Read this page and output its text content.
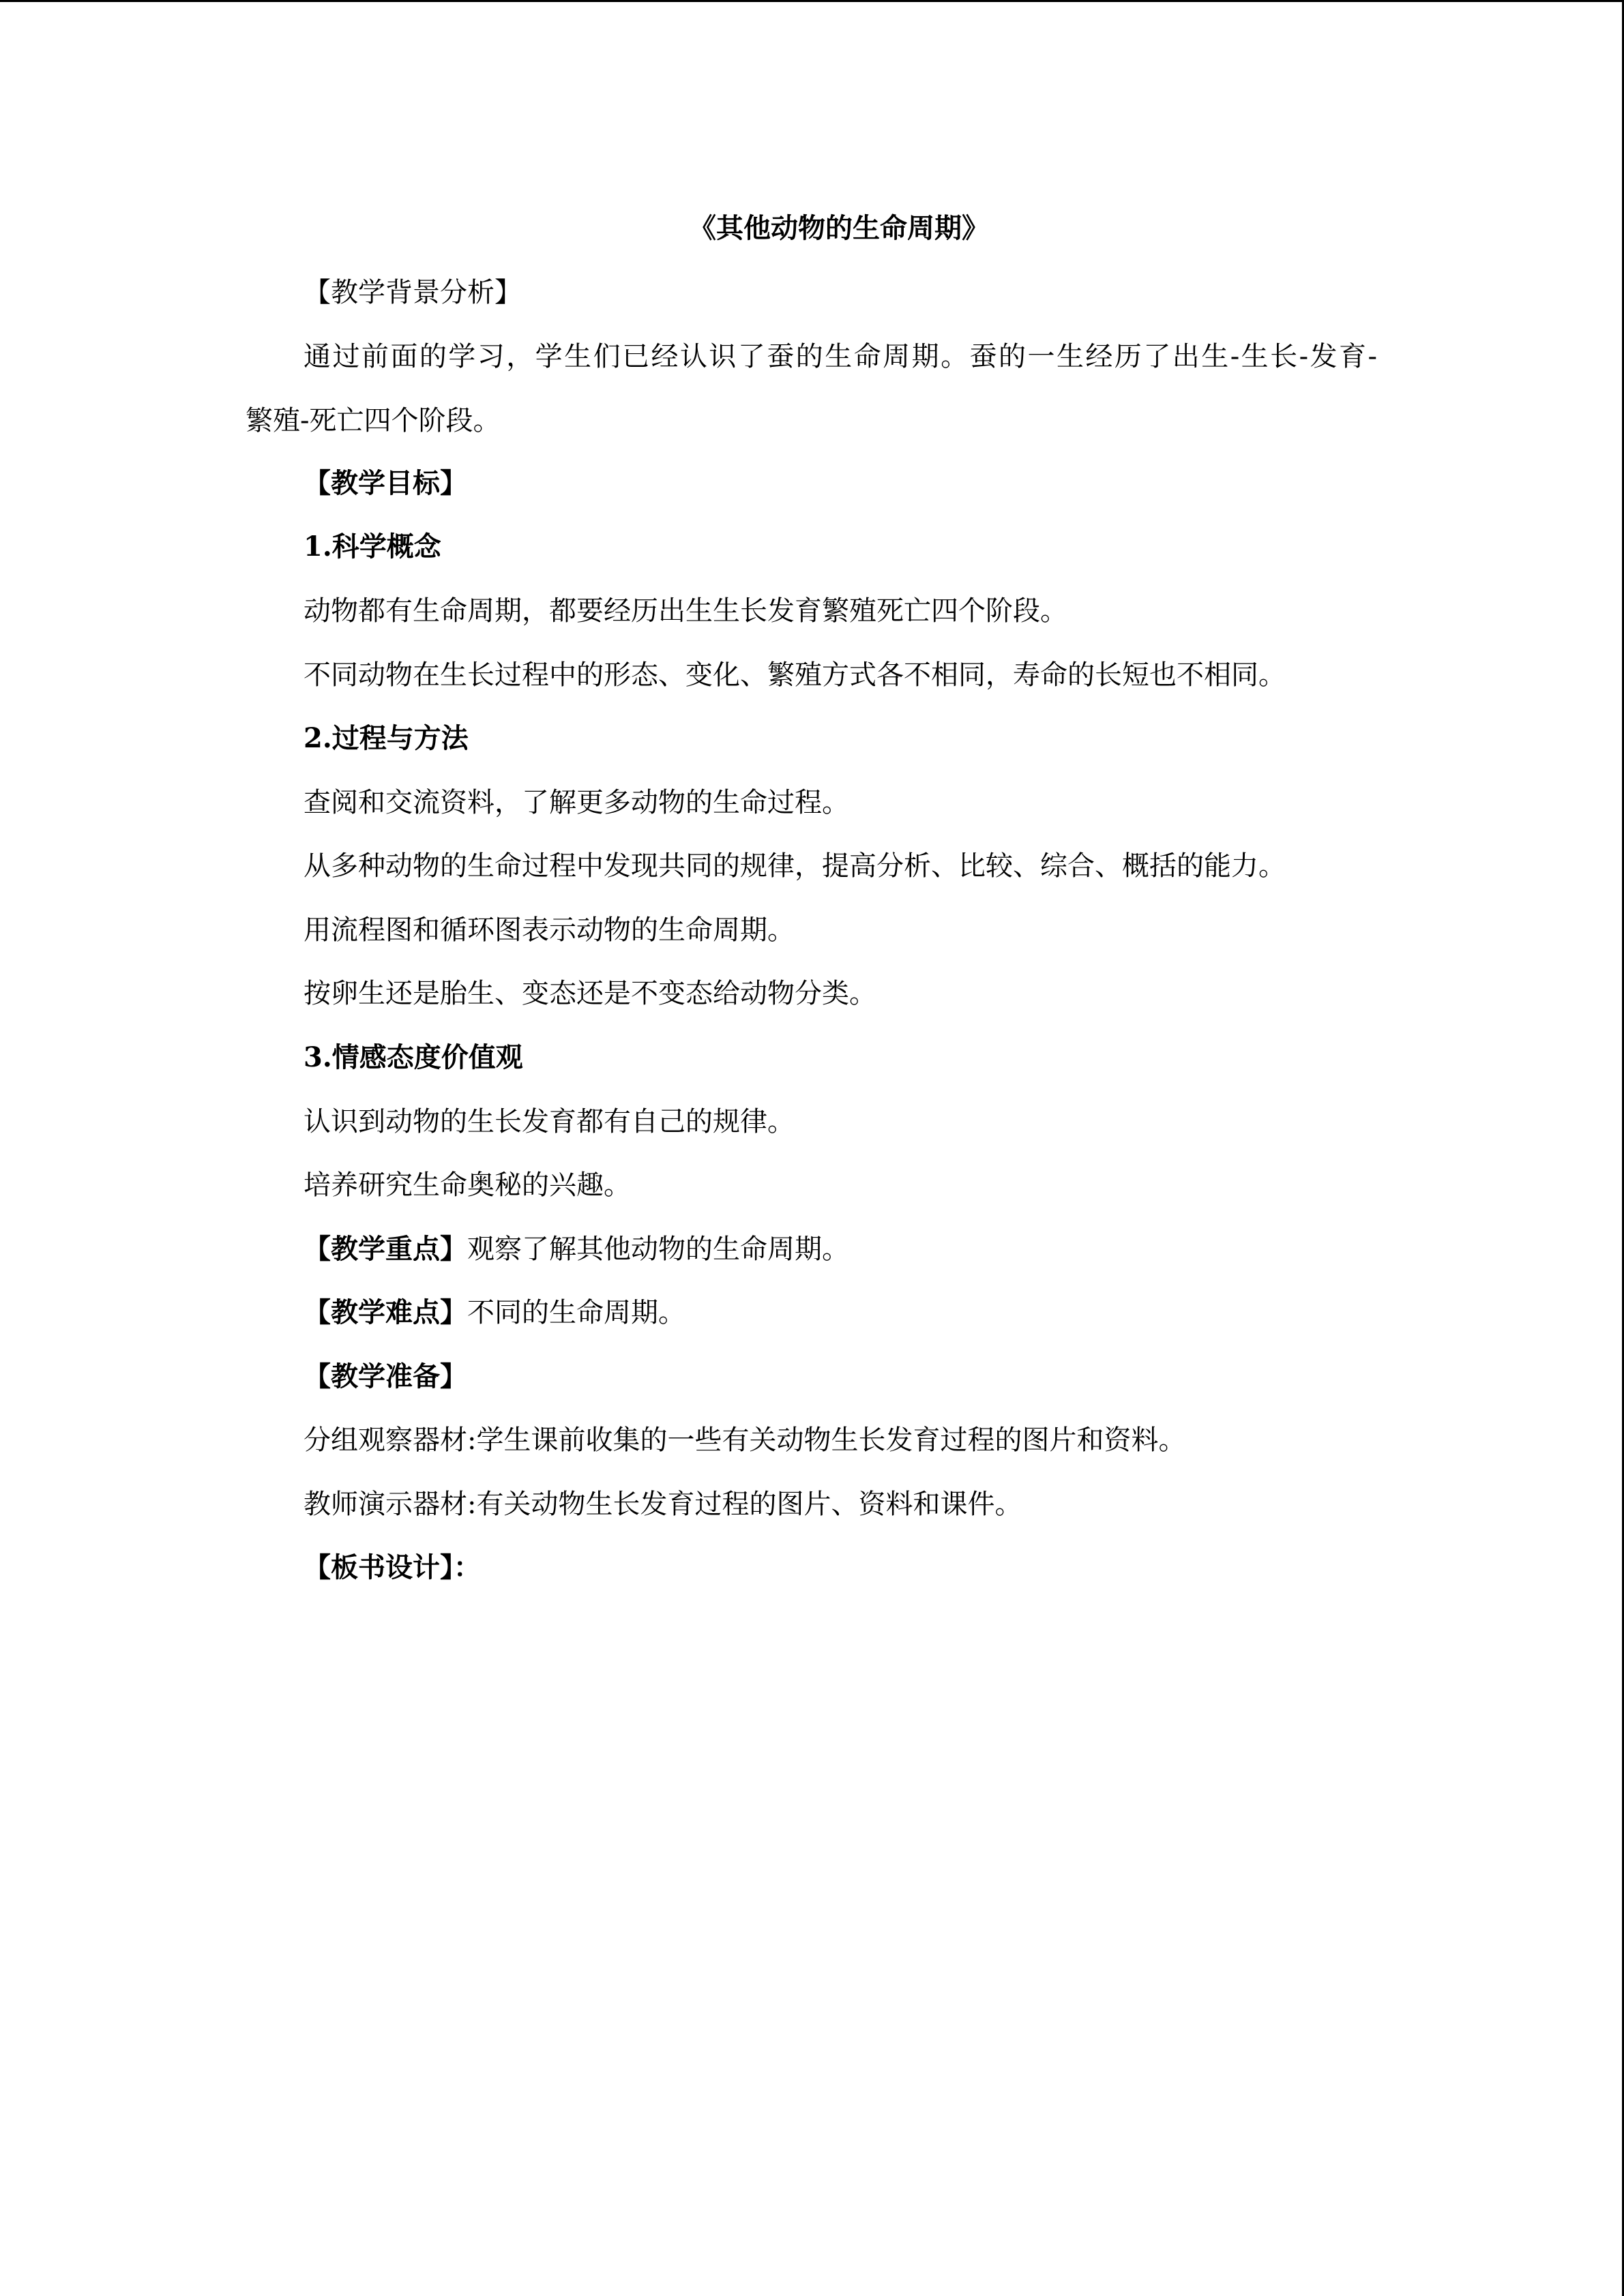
《其他动物的生命周期》
【教学背景分析】
通过前面的学习，学生们已经认识了蚕的生命周期。蚕的一生经历了出生-生长-发育-
繁殖-死亡四个阶段。
【教学目标】
1.科学概念
动物都有生命周期，都要经历出生生长发育繁殖死亡四个阶段。
不同动物在生长过程中的形态、变化、繁殖方式各不相同，寿命的长短也不相同。
2.过程与方法
查阅和交流资料，了解更多动物的生命过程。
从多种动物的生命过程中发现共同的规律，提高分析、比较、综合、概括的能力。
用流程图和循环图表示动物的生命周期。
按卵生还是胎生、变态还是不变态给动物分类。
3.情感态度价值观
认识到动物的生长发育都有自己的规律。
培养研究生命奥秘的兴趣。
【教学重点】观察了解其他动物的生命周期。
【教学难点】不同的生命周期。
【教学准备】
分组观察器材:学生课前收集的一些有关动物生长发育过程的图片和资料。
教师演示器材:有关动物生长发育过程的图片、资料和课件。
【板书设计】：
